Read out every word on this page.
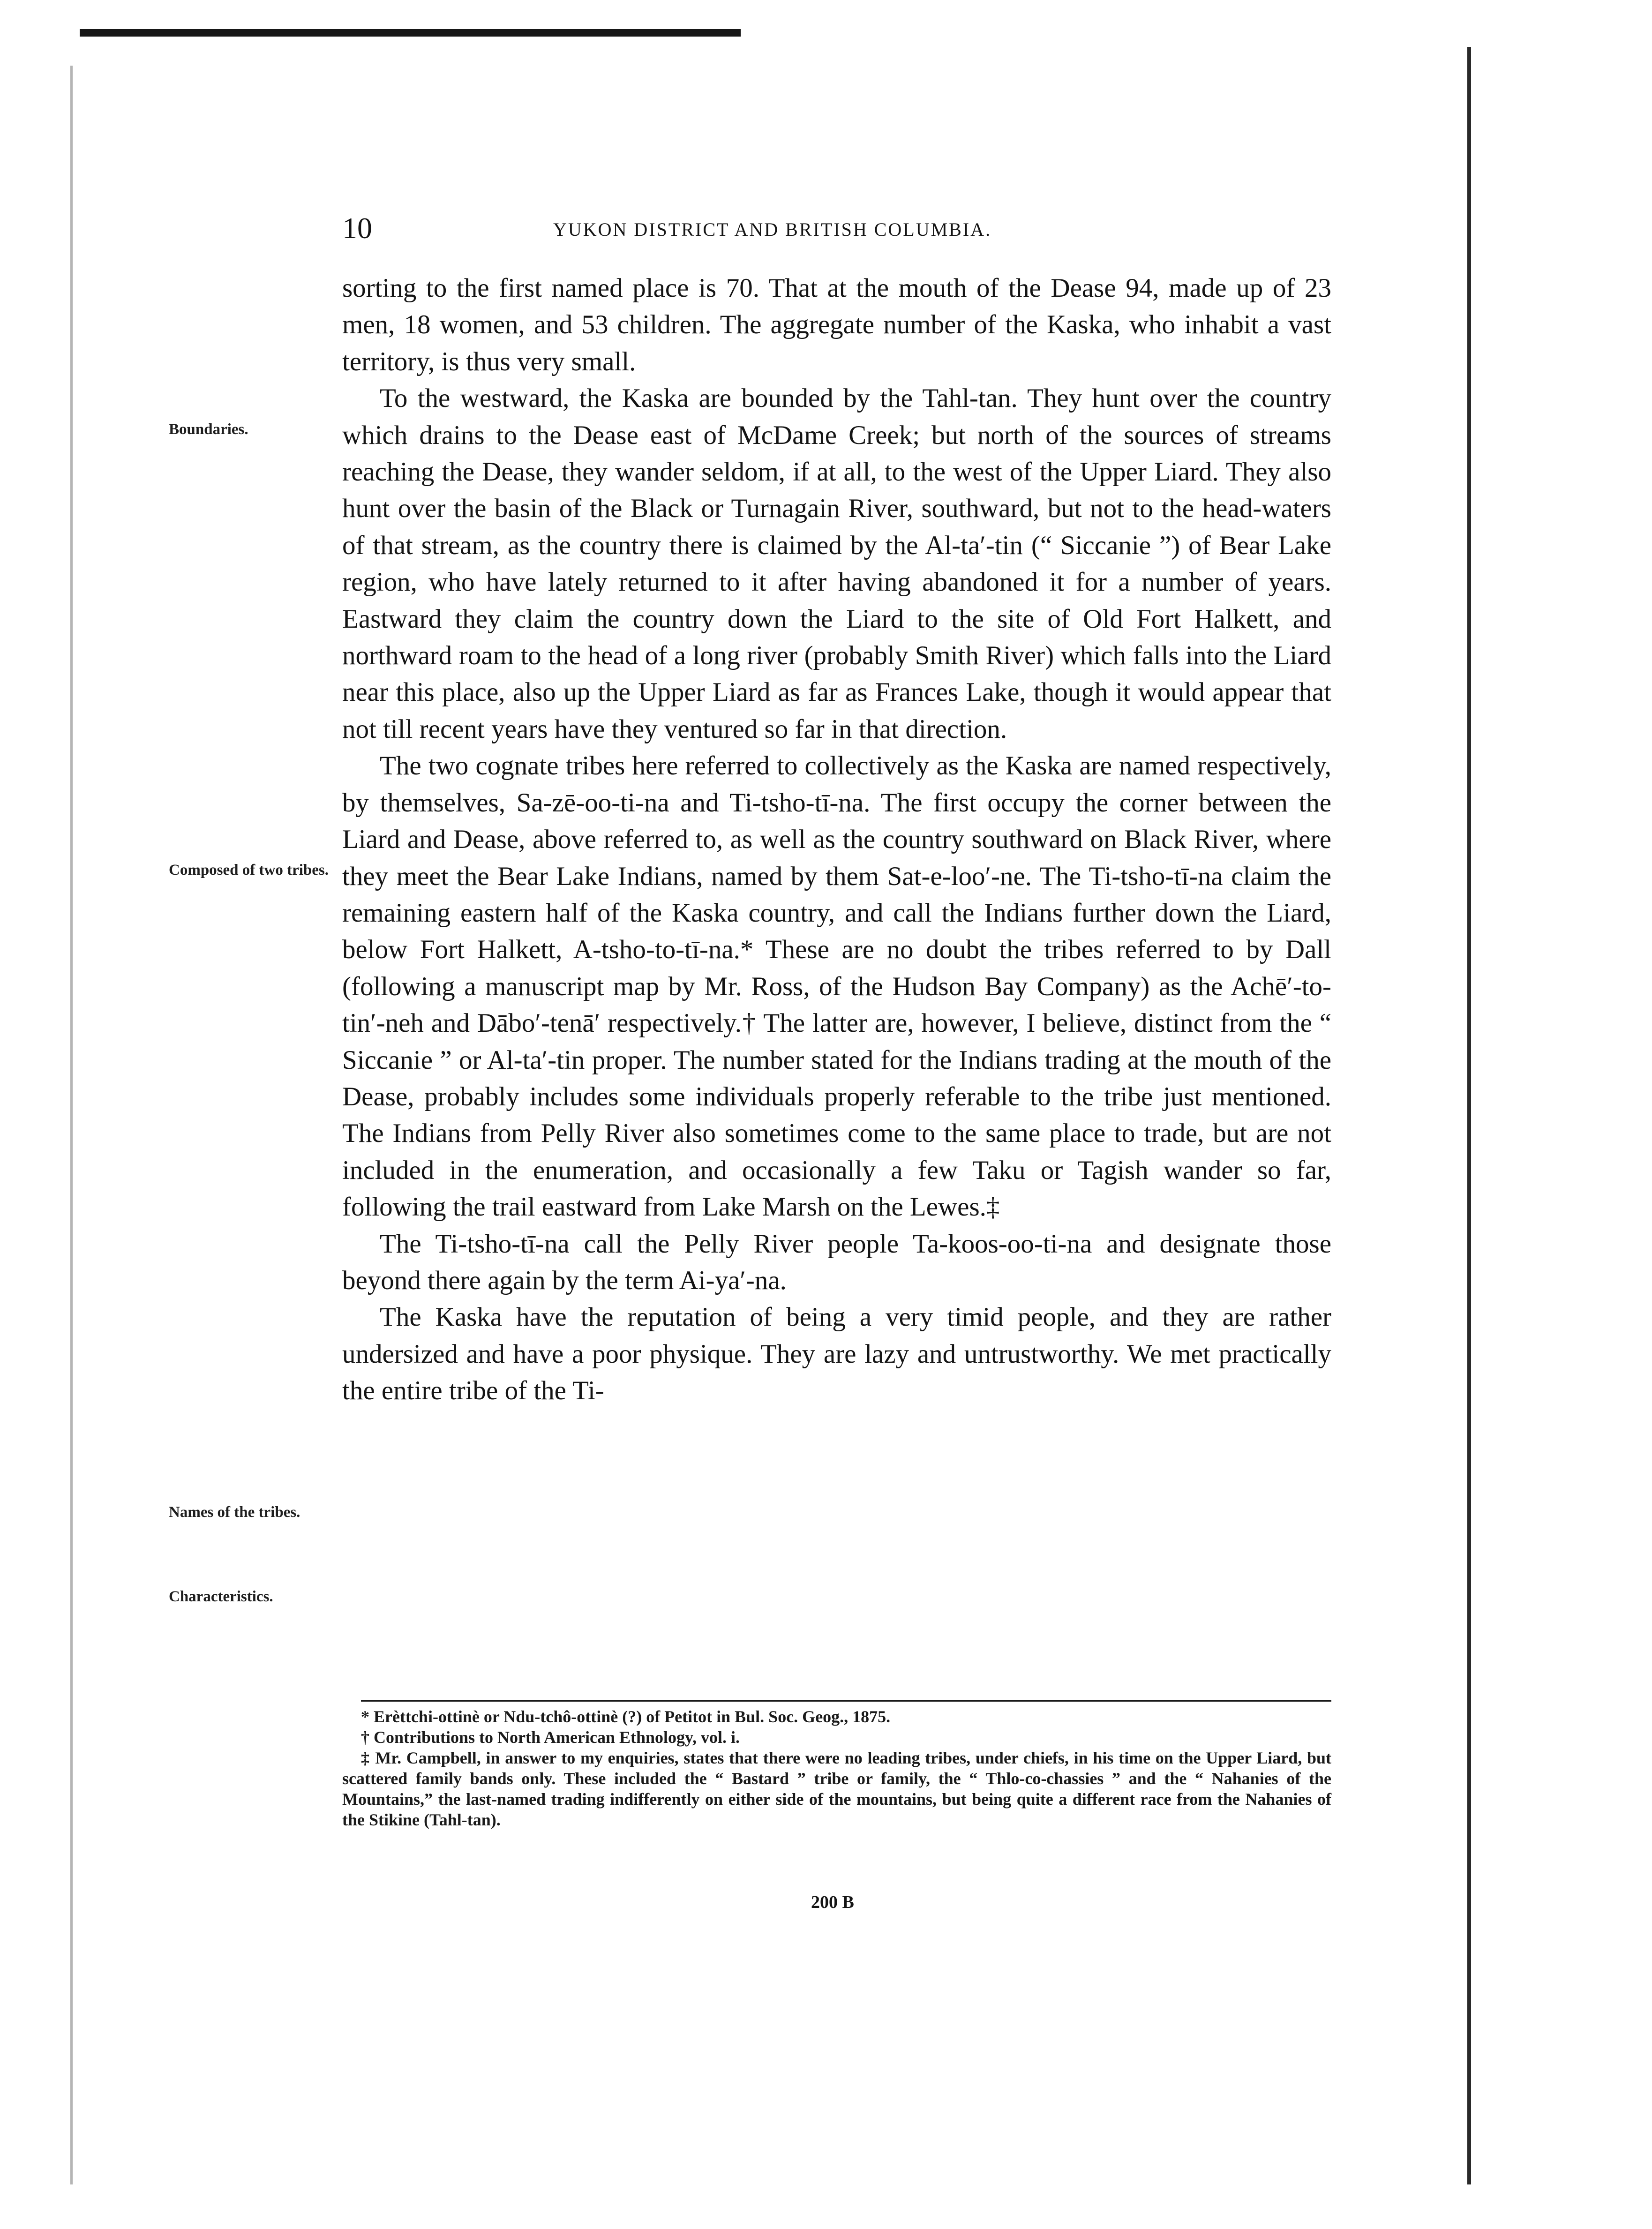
10	YUKON DISTRICT AND BRITISH COLUMBIA.
Boundaries.
Composed of two tribes.
Names of the tribes.
Characteristics.

sorting to the first named place is 70. That at the mouth of the Dease 94, made up of 23 men, 18 women, and 53 children. The aggregate number of the Kaska, who inhabit a vast territory, is thus very small.

To the westward, the Kaska are bounded by the Tahl-tan. They hunt over the country which drains to the Dease east of McDame Creek; but north of the sources of streams reaching the Dease, they wander seldom, if at all, to the west of the Upper Liard. They also hunt over the basin of the Black or Turnagain River, southward, but not to the head-waters of that stream, as the country there is claimed by the Al-ta′-tin (“ Siccanie ”) of Bear Lake region, who have lately returned to it after having abandoned it for a number of years. Eastward they claim the country down the Liard to the site of Old Fort Halkett, and northward roam to the head of a long river (probably Smith River) which falls into the Liard near this place, also up the Upper Liard as far as Frances Lake, though it would appear that not till recent years have they ventured so far in that direction.

The two cognate tribes here referred to collectively as the Kaska are named respectively, by themselves, Sa-zē-oo-ti-na and Ti-tsho-tī-na. The first occupy the corner between the Liard and Dease, above referred to, as well as the country southward on Black River, where they meet the Bear Lake Indians, named by them Sat-e-loo′-ne. The Ti-tsho-tī-na claim the remaining eastern half of the Kaska country, and call the Indians further down the Liard, below Fort Halkett, A-tsho-to-tī-na.* These are no doubt the tribes referred to by Dall (following a manuscript map by Mr. Ross, of the Hudson Bay Company) as the Achē′-to-tin′-neh and Dābo′-tenā′ respectively.† The latter are, however, I believe, distinct from the “ Siccanie ” or Al-ta′-tin proper. The number stated for the Indians trading at the mouth of the Dease, probably includes some individuals properly referable to the tribe just mentioned. The Indians from Pelly River also sometimes come to the same place to trade, but are not included in the enumeration, and occasionally a few Taku or Tagish wander so far, following the trail eastward from Lake Marsh on the Lewes.‡

The Ti-tsho-tī-na call the Pelly River people Ta-koos-oo-ti-na and designate those beyond there again by the term Ai-ya′-na.

The Kaska have the reputation of being a very timid people, and they are rather undersized and have a poor physique. They are lazy and untrustworthy. We met practically the entire tribe of the Ti-

* Erèttchi-ottinè or Ndu-tchô-ottinè (?) of Petitot in Bul. Soc. Geog., 1875.

† Contributions to North American Ethnology, vol. i.

‡ Mr. Campbell, in answer to my enquiries, states that there were no leading tribes, under chiefs, in his time on the Upper Liard, but scattered family bands only. These included the “ Bastard ” tribe or family, the “ Thlo-co-chassies ” and the “ Nahanies of the Mountains,” the last-named trading indifferently on either side of the mountains, but being quite a different race from the Nahanies of the Stikine (Tahl-tan).

200 B
